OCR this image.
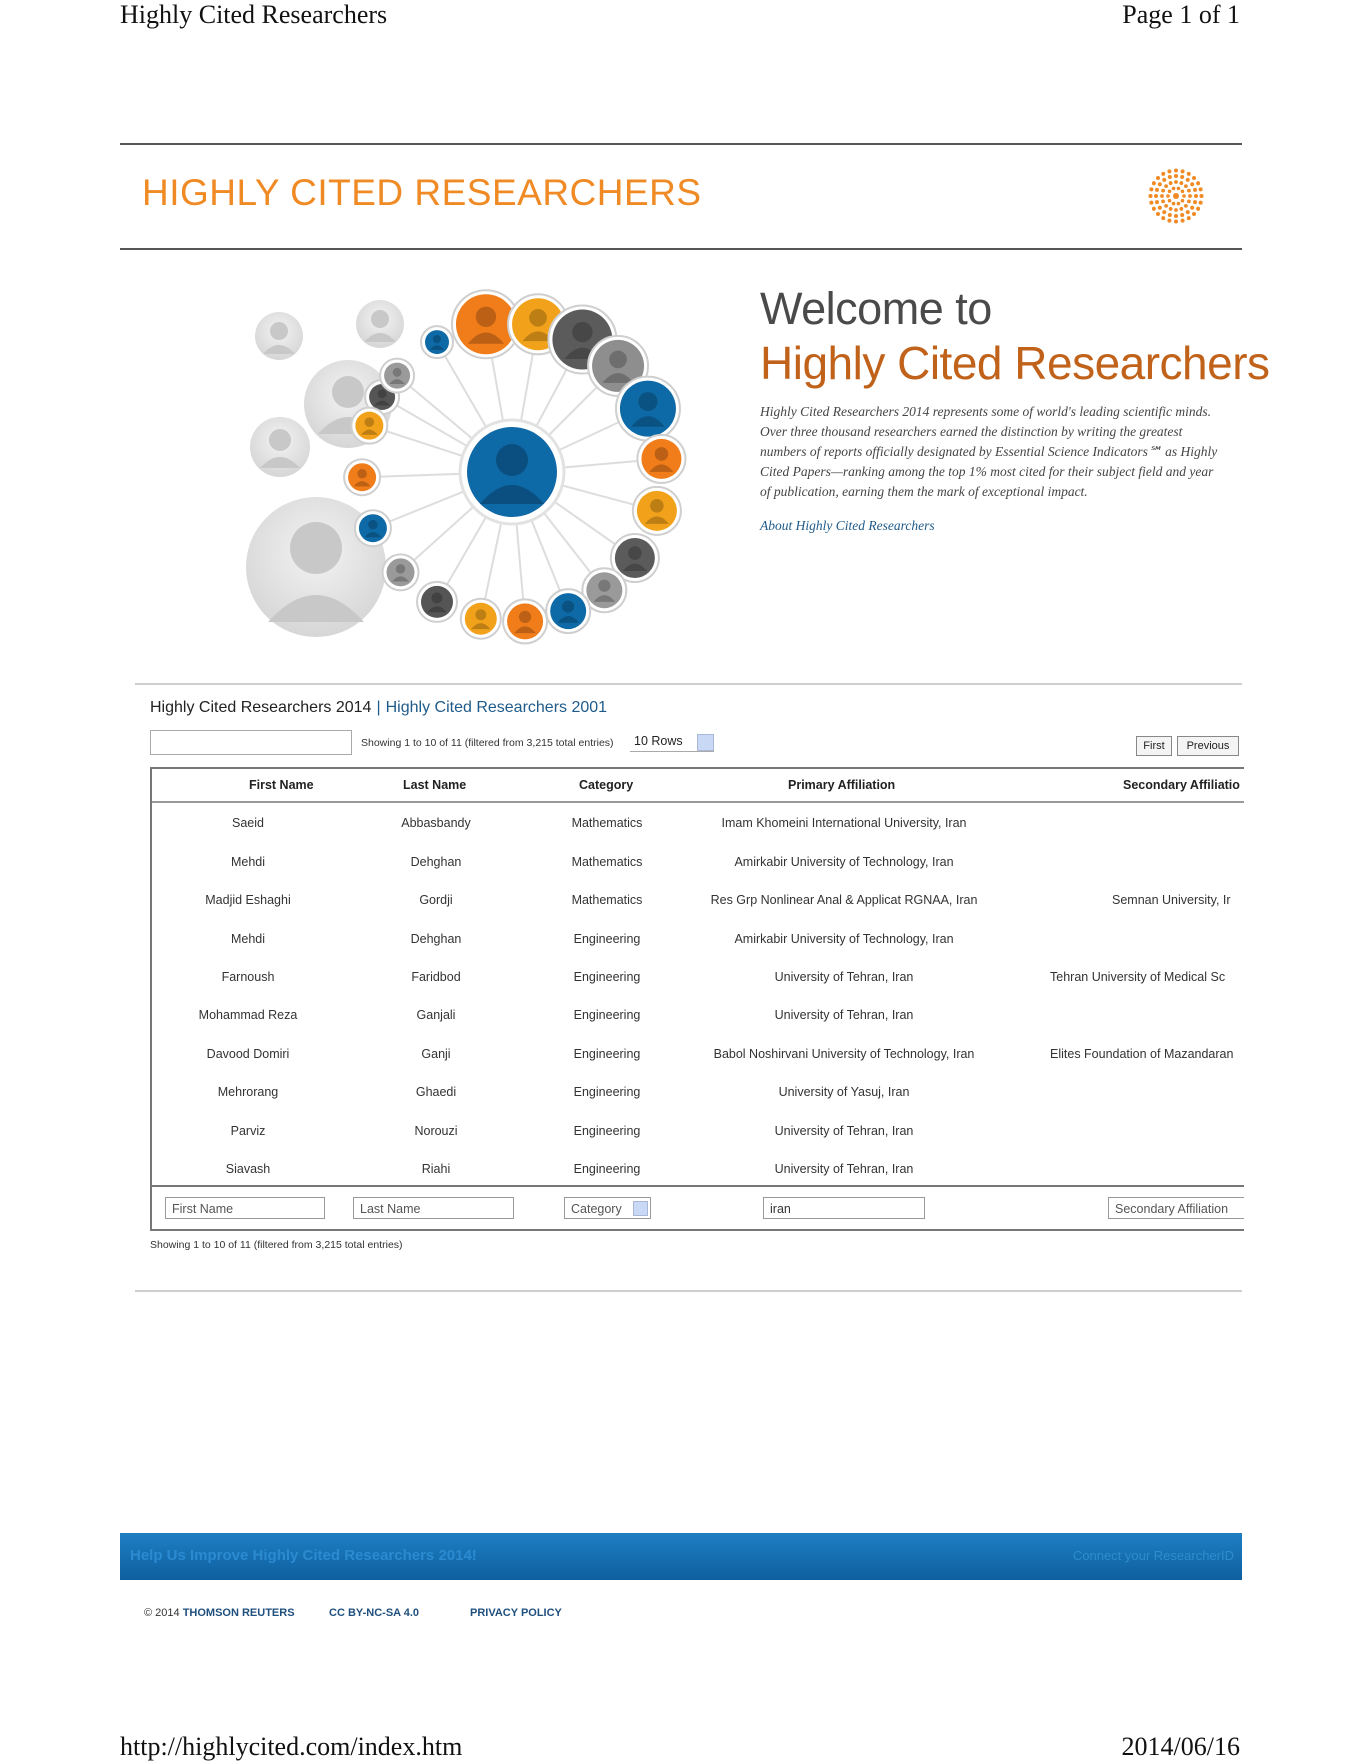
Highly Cited Researchers	Page 1 of 1
HIGHLY CITED RESEARCHERS
Welcome to
Highly Cited Researchers
Highly Cited Researchers 2014 represents some of world's leading scientific minds.
Over three thousand researchers earned the distinction by writing the greatest
numbers of reports officially designated by Essential Science Indicators℠ as Highly
Cited Papers—ranking among the top 1% most cited for their subject field and year
of publication, earning them the mark of exceptional impact.
About Highly Cited Researchers
Highly Cited Researchers 2014 | Highly Cited Researchers 2001
Showing 1 to 10 of 11 (filtered from 3,215 total entries) 10 Rows	First	Previous
First Name	Last Name	Category	Primary Affiliation	Secondary Affiliatio
Saeid	Abbasbandy	Mathematics	Imam Khomeini International University, Iran
Mehdi	Dehghan	Mathematics	Amirkabir University of Technology, Iran
Madjid Eshaghi	Gordji	Mathematics	Res Grp Nonlinear Anal & Applicat RGNAA, Iran	Semnan University, Ir
Mehdi	Dehghan	Engineering	Amirkabir University of Technology, Iran
Farnoush	Faridbod	Engineering	University of Tehran, Iran	Tehran University of Medical Sc
Mohammad Reza	Ganjali	Engineering	University of Tehran, Iran
Davood Domiri	Ganji	Engineering	Babol Noshirvani University of Technology, Iran	Elites Foundation of Mazandaran
Mehrorang	Ghaedi	Engineering	University of Yasuj, Iran
Parviz	Norouzi	Engineering	University of Tehran, Iran
Siavash	Riahi	Engineering	University of Tehran, Iran
First Name	Last Name	Category	iran	Secondary Affiliation
Showing 1 to 10 of 11 (filtered from 3,215 total entries)
Help Us Improve Highly Cited Researchers 2014!	Connect your ResearcherID
© 2014 THOMSON REUTERS	CC BY-NC-SA 4.0	PRIVACY POLICY
http://highlycited.com/index.htm	2014/06/16
